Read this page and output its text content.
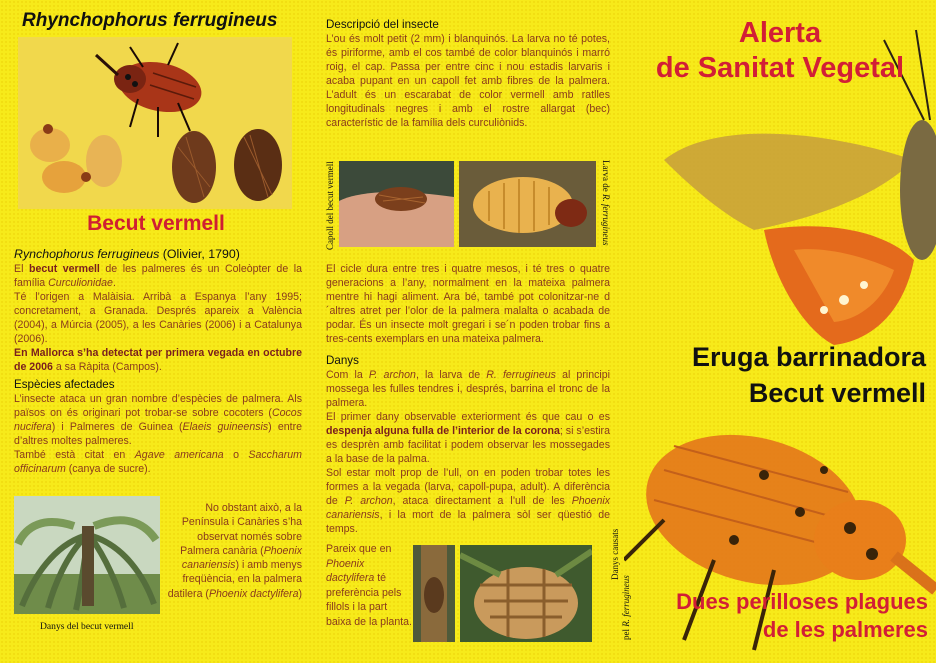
Rhynchophorus ferrugineus
Becut vermell

Rynchophorus ferrugineus (Olivier, 1790)

El becut vermell de les palmeres és un Coleòpter de la família Curculionidae.

Té l’origen a Malàisia. Arribà a Espanya l’any 1995; concretament, a Granada. Després apareix a València (2004), a Múrcia (2005), a les Canàries (2006) i a Catalunya (2006).

En Mallorca s’ha detectat per primera vegada en octubre de 2006 a sa Ràpita (Campos).

Espècies afectades

L’insecte ataca un gran nombre d’espècies de palmera. Als països on és originari pot trobar-se sobre cocoters (Cocos nucifera) i Palmeres de Guinea (Elaeis guineensis) entre d’altres moltes palmeres.

També està citat en Agave americana o Saccharum officinarum (canya de sucre).

Danys del becut vermell

No obstant això, a la Península i Canàries s’ha observat només sobre Palmera canària (Phoenix canariensis) i amb menys freqüència, en la palmera datilera (Phoenix dactylifera)

Descripció del insecte

L’ou és molt petit (2 mm) i blanquinós. La larva no té potes, és piriforme, amb el cos també de color blanquinós i marró roig, el cap. Passa per entre cinc i nou estadis larvaris i acaba pupant en un capoll fet amb fibres de la palmera. L’adult és un escarabat de color vermell amb ratlles longitudinals negres i amb el rostre allargat (bec) característic de la família dels curculiònids.

Capoll del becut vermell	Larva de R. ferrugineus

El cicle dura entre tres i quatre mesos, i té tres o quatre generacions a l’any, normalment en la mateixa palmera mentre hi hagi aliment. Ara bé, també pot colonitzar-ne d´altres atret per l’olor de la palmera malalta o acabada de podar. És un insecte molt gregari i se´n poden trobar fins a tres-cents exemplars en una mateixa palmera.

Danys

Com la P. archon, la larva de R. ferrugineus al principi mossega les fulles tendres i, després, barrina el tronc de la palmera.

El primer dany observable exteriorment és que cau o es despenja alguna fulla de l’interior de la corona; si s’estira es desprèn amb facilitat i podem observar les mossegades a la base de la palma.

Sol estar molt prop de l’ull, on en poden trobar totes les formes a la vegada (larva, capoll-pupa, adult). A diferència de P. archon, ataca directament a l’ull de les Phoenix canariensis, i la mort de la palmera sòl ser qüestió de temps.

Pareix que en Phoenix dactylifera té preferència pels fillols i la part baixa de la planta.

Danys causats
pel R. ferrugineus
Alerta
de Sanitat Vegetal
Eruga barrinadora
Becut vermell
Dues perilloses plagues
de les palmeres
